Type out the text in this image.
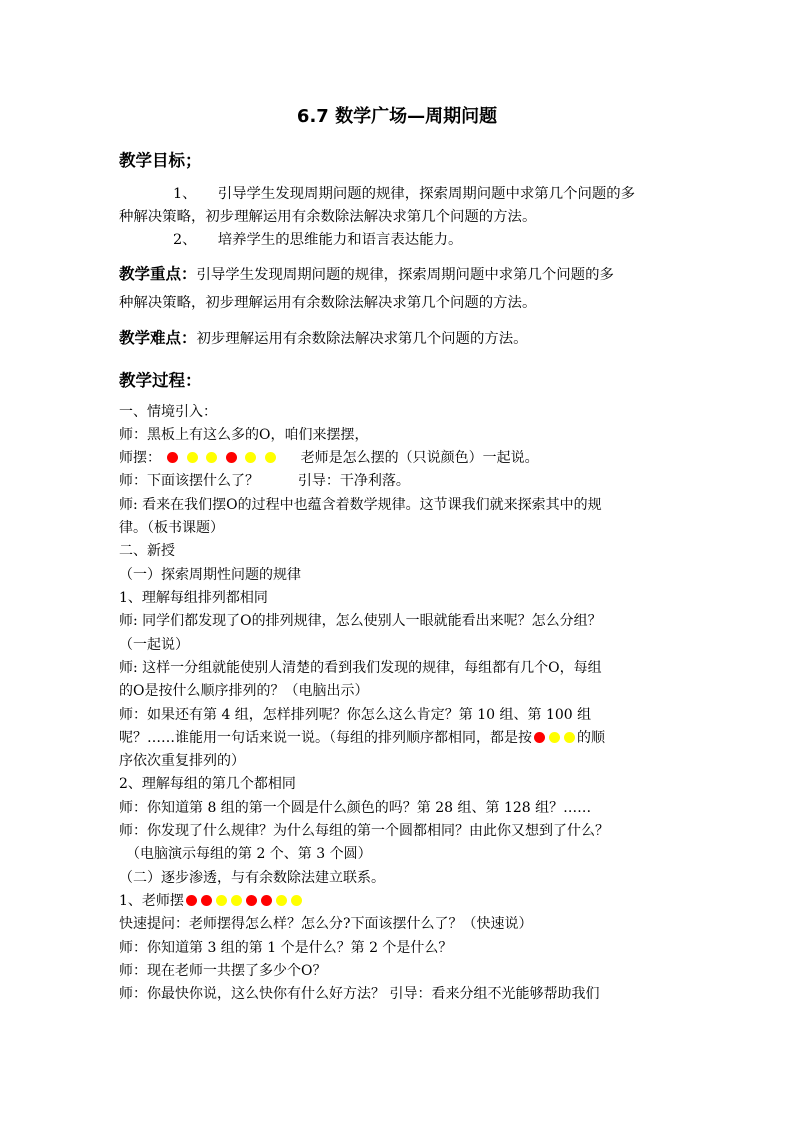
6.7 数学广场—周期问题
教学目标；
1、 引导学生发现周期问题的规律，探索周期问题中求第几个问题的多
种解决策略，初步理解运用有余数除法解决求第几个问题的方法。
2、 培养学生的思维能力和语言表达能力。
教学重点：引导学生发现周期问题的规律，探索周期问题中求第几个问题的多
种解决策略，初步理解运用有余数除法解决求第几个问题的方法。
教学难点：初步理解运用有余数除法解决求第几个问题的方法。
教学过程：
一、情境引入：
师：黑板上有这么多的O，咱们来摆摆，
师摆：	老师是怎么摆的（只说颜色）一起说。
师：下面该摆什么了？	引导：干净利落。
师: 看来在我们摆O的过程中也蕴含着数学规律。这节课我们就来探索其中的规
律。（板书课题）
二、新授
（一）探索周期性问题的规律
1、理解每组排列都相同
师: 同学们都发现了O的排列规律，怎么使别人一眼就能看出来呢？怎么分组？
（一起说）
师: 这样一分组就能使别人清楚的看到我们发现的规律，每组都有几个O，每组
的O是按什么顺序排列的？（电脑出示）
师：如果还有第 4 组，怎样排列呢？你怎么这么肯定？第 10 组、第 100 组
呢？……谁能用一句话来说一说。（每组的排列顺序都相同，都是按	的顺
序依次重复排列的）
2、理解每组的第几个都相同
师：你知道第 8 组的第一个圆是什么颜色的吗？第 28 组、第 128 组？……
师：你发现了什么规律？为什么每组的第一个圆都相同？由此你又想到了什么？
（电脑演示每组的第 2 个、第 3 个圆）
（二）逐步渗透，与有余数除法建立联系。
1、老师摆
快速提问：老师摆得怎么样？怎么分?下面该摆什么了？（快速说）
师：你知道第 3 组的第 1 个是什么？第 2 个是什么？
师：现在老师一共摆了多少个O？
师：你最快你说，这么快你有什么好方法？ 引导：看来分组不光能够帮助我们
